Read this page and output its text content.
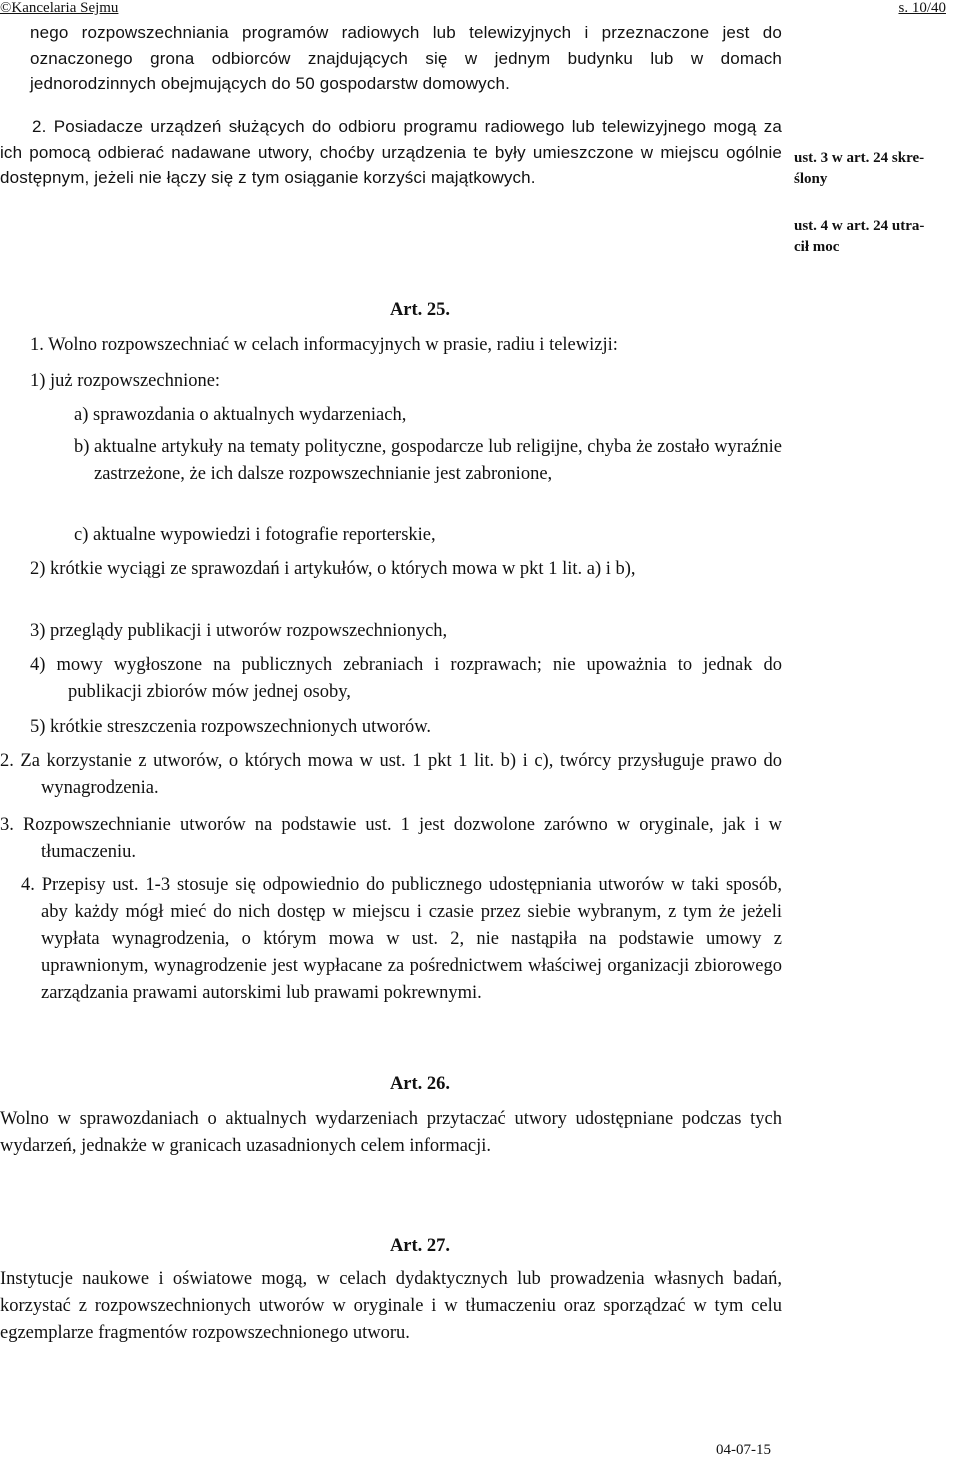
©Kancelaria Sejmu	s. 10/40

nego rozpowszechniania programów radiowych lub telewizyjnych i przeznaczone jest do oznaczonego grona odbiorców znajdujących się w jednym budynku lub w domach jednorodzinnych obejmujących do 50 gospodarstw domowych.

2. Posiadacze urządzeń służących do odbioru programu radiowego lub telewizyjnego mogą za ich pomocą odbierać nadawane utwory, choćby urządzenia te były umieszczone w miejscu ogólnie dostępnym, jeżeli nie łączy się z tym osiąganie korzyści majątkowych.

ust. 3 w art. 24 skre-
ślony
ust. 4 w art. 24 utra-
cił moc
Art. 25.

1. Wolno rozpowszechniać w celach informacyjnych w prasie, radiu i telewizji:

1) już rozpowszechnione:

a) sprawozdania o aktualnych wydarzeniach,

b) aktualne artykuły na tematy polityczne, gospodarcze lub religijne, chyba że zostało wyraźnie zastrzeżone, że ich dalsze rozpowszechnianie jest zabronione,

c) aktualne wypowiedzi i fotografie reporterskie,

2) krótkie wyciągi ze sprawozdań i artykułów, o których mowa w pkt 1 lit. a) i b),

3) przeglądy publikacji i utworów rozpowszechnionych,

4) mowy wygłoszone na publicznych zebraniach i rozprawach; nie upoważnia to jednak do publikacji zbiorów mów jednej osoby,

5) krótkie streszczenia rozpowszechnionych utworów.

2. Za korzystanie z utworów, o których mowa w ust. 1 pkt 1 lit. b) i c), twórcy przysługuje prawo do wynagrodzenia.

3. Rozpowszechnianie utworów na podstawie ust. 1 jest dozwolone zarówno w oryginale, jak i w tłumaczeniu.

4. Przepisy ust. 1-3 stosuje się odpowiednio do publicznego udostępniania utworów w taki sposób, aby każdy mógł mieć do nich dostęp w miejscu i czasie przez siebie wybranym, z tym że jeżeli wypłata wynagrodzenia, o którym mowa w ust. 2, nie nastąpiła na podstawie umowy z uprawnionym, wynagrodzenie jest wypłacane za pośrednictwem właściwej organizacji zbiorowego zarządzania prawami autorskimi lub prawami pokrewnymi.

Art. 26.

Wolno w sprawozdaniach o aktualnych wydarzeniach przytaczać utwory udostępniane podczas tych wydarzeń, jednakże w granicach uzasadnionych celem informacji.

Art. 27.

Instytucje naukowe i oświatowe mogą, w celach dydaktycznych lub prowadzenia własnych badań, korzystać z rozpowszechnionych utworów w oryginale i w tłumaczeniu oraz sporządzać w tym celu egzemplarze fragmentów rozpowszechnionego utworu.

04-07-15
